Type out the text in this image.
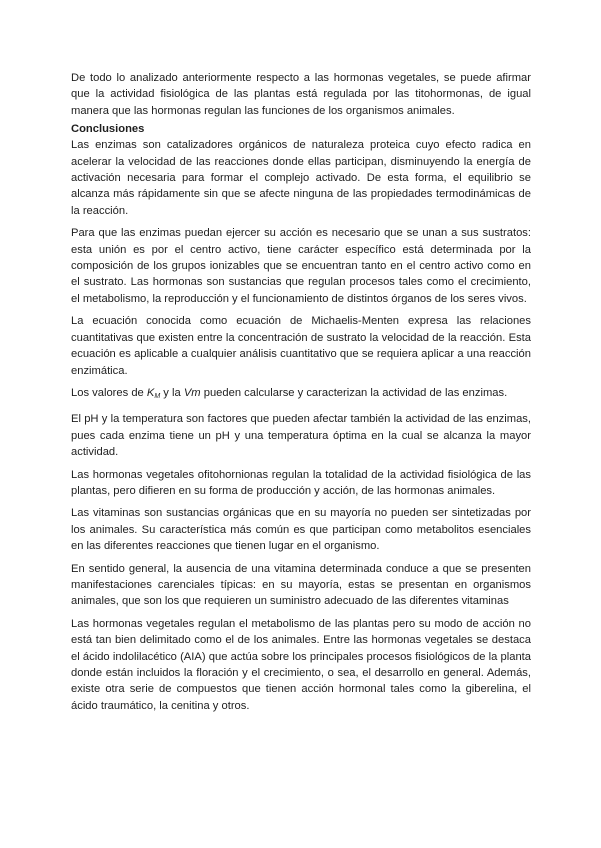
De todo lo analizado anteriormente respecto a las hormonas vegetales, se puede afirmar que la actividad fisiológica de las plantas está regulada por las titohormonas, de igual manera que las hormonas regulan las funciones de los organismos animales.

Conclusiones

Las enzimas son catalizadores orgánicos de naturaleza proteica cuyo efecto radica en acelerar la velocidad de las reacciones donde ellas participan, disminuyendo la energía de activación necesaria para formar el complejo activado. De esta forma, el equilibrio se alcanza más rápidamente sin que se afecte ninguna de las propiedades termodinámicas de la reacción.

Para que las enzimas puedan ejercer su acción es necesario que se unan a sus sustratos: esta unión es por el centro activo, tiene carácter específico está determinada por la composición de los grupos ionizables que se encuentran tanto en el centro activo como en el sustrato. Las hormonas son sustancias que regulan procesos tales como el crecimiento, el metabolismo, la reproducción y el funcionamiento de distintos órganos de los seres vivos.

La ecuación conocida como ecuación de Michaelis-Menten expresa las relaciones cuantitativas que existen entre la concentración de sustrato la velocidad de la reacción. Esta ecuación es aplicable a cualquier análisis cuantitativo que se requiera aplicar a una reacción enzimática.

Los valores de $K_M$ y la Vm pueden calcularse y caracterizan la actividad de las enzimas.

El pH y la temperatura son factores que pueden afectar también la actividad de las enzimas, pues cada enzima tiene un pH y una temperatura óptima en la cual se alcanza la mayor actividad.

Las hormonas vegetales ofitohornionas regulan la totalidad de la actividad fisiológica de las plantas, pero difieren en su forma de producción y acción, de las hormonas animales.

Las vitaminas son sustancias orgánicas que en su mayoría no pueden ser sintetizadas por los animales. Su característica más común es que participan como metabolitos esenciales en las diferentes reacciones que tienen lugar en el organismo.

En sentido general, la ausencia de una vitamina determinada conduce a que se presenten manifestaciones carenciales típicas: en su mayoría, estas se presentan en organismos animales, que son los que requieren un suministro adecuado de las diferentes vitaminas

Las hormonas vegetales regulan el metabolismo de las plantas pero su modo de acción no está tan bien delimitado como el de los animales. Entre las hormonas vegetales se destaca el ácido indolilacético (AIA) que actúa sobre los principales procesos fisiológicos de la planta donde están incluidos la floración y el crecimiento, o sea, el desarrollo en general. Además, existe otra serie de compuestos que tienen acción hormonal tales como la giberelina, el ácido traumático, la cenitina y otros.
